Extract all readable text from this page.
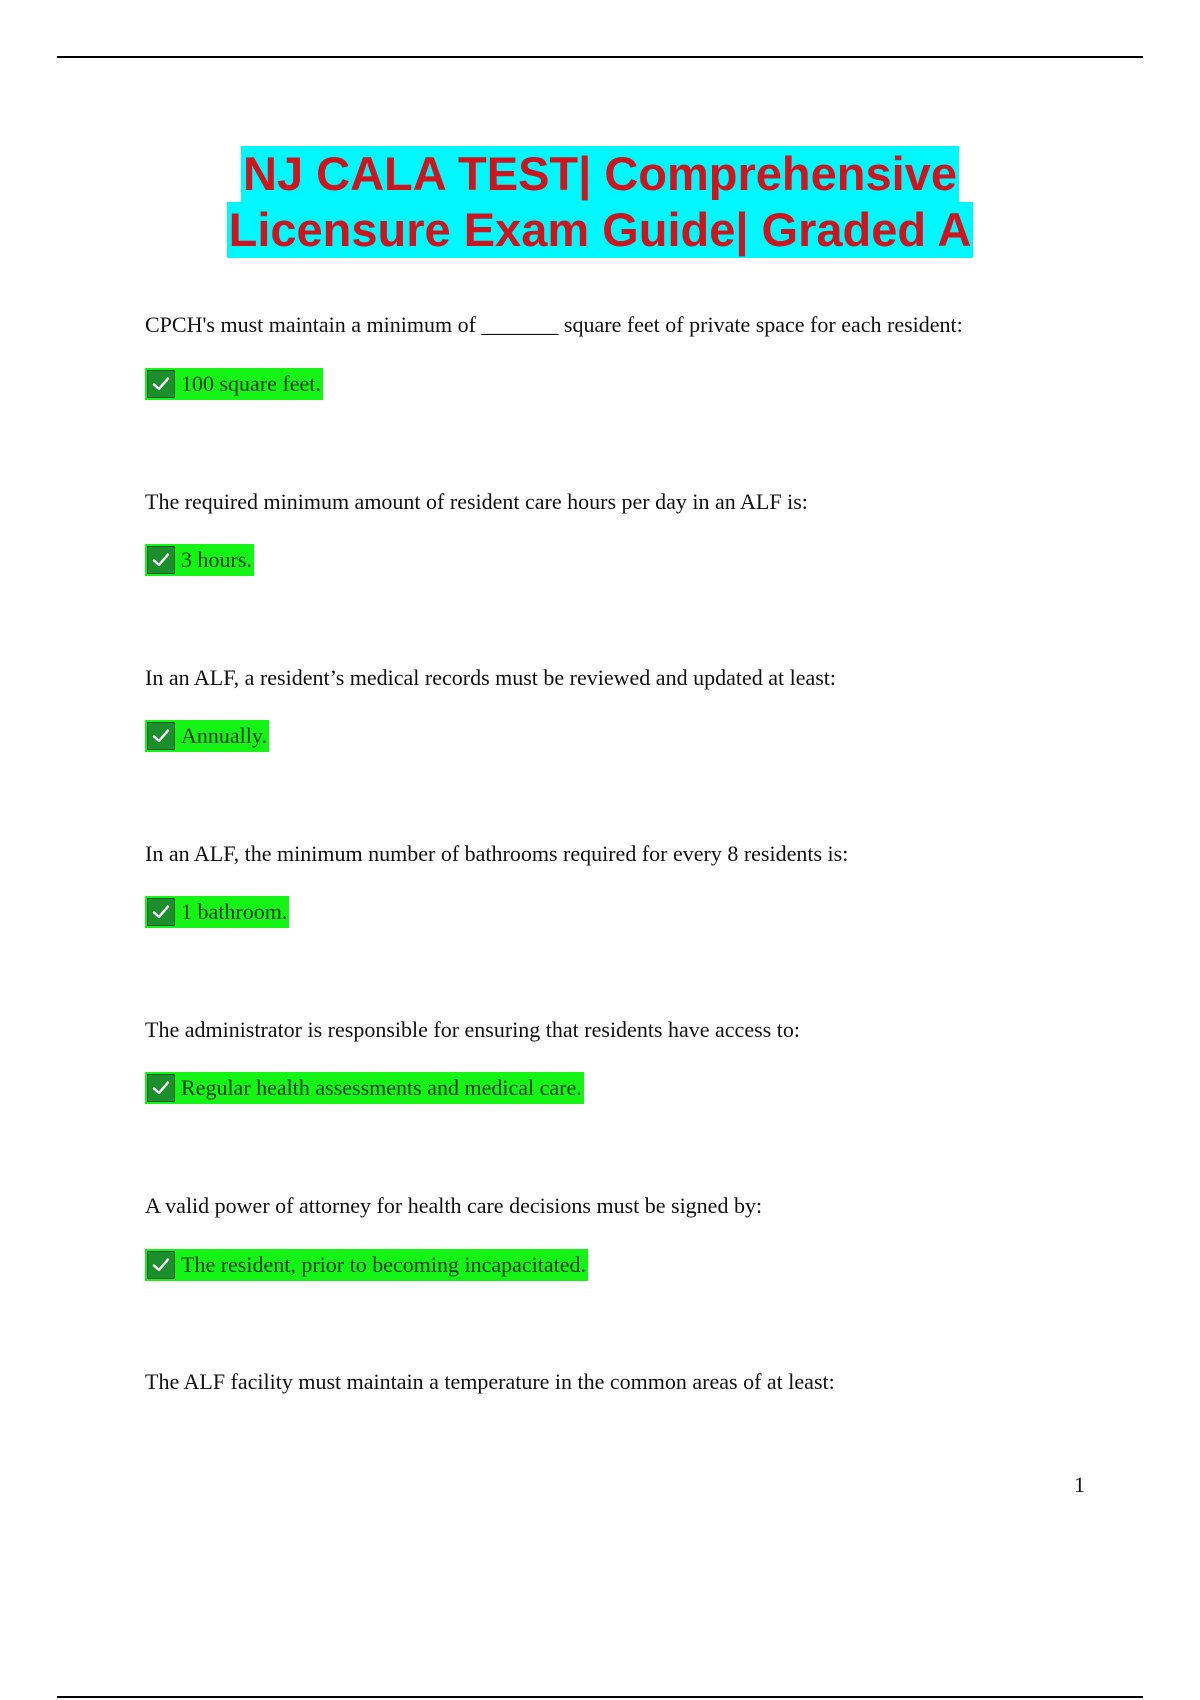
NJ CALA TEST| Comprehensive
Licensure Exam Guide| Graded A
CPCH's must maintain a minimum of _______ square feet of private space for each resident:
100 square feet.
The required minimum amount of resident care hours per day in an ALF is:
3 hours.
In an ALF, a resident’s medical records must be reviewed and updated at least:
Annually.
In an ALF, the minimum number of bathrooms required for every 8 residents is:
1 bathroom.
The administrator is responsible for ensuring that residents have access to:
Regular health assessments and medical care.
A valid power of attorney for health care decisions must be signed by:
The resident, prior to becoming incapacitated.
The ALF facility must maintain a temperature in the common areas of at least:
1
